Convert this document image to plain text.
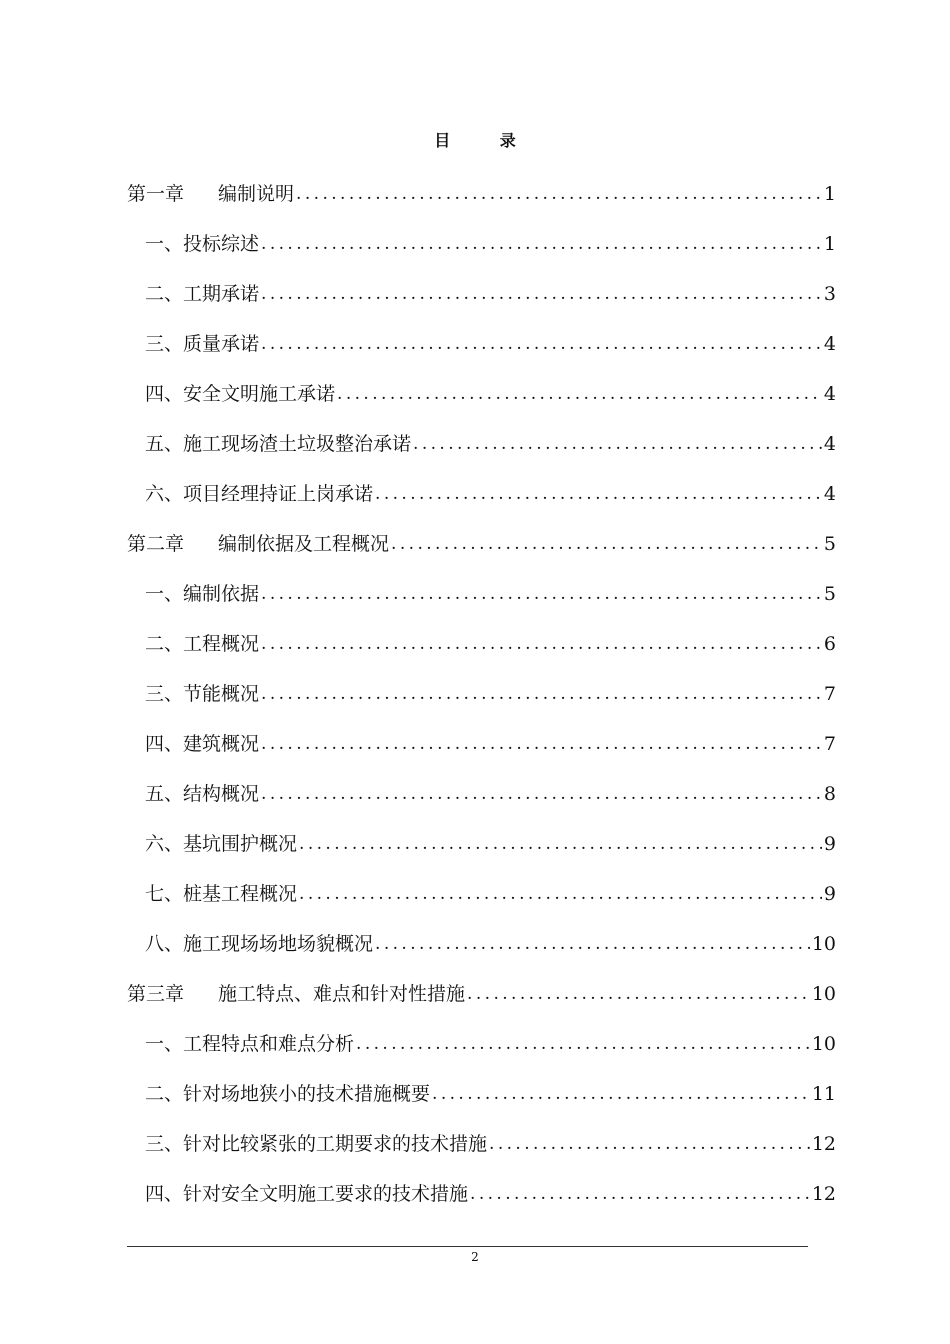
目 录
第一章 编制说明 .....	1
一、投标综述 .....	1
二、工期承诺 .....	3
三、质量承诺 .....	4
四、安全文明施工承诺 .....	4
五、施工现场渣土垃圾整治承诺 .....	4
六、项目经理持证上岗承诺 .....	4
第二章 编制依据及工程概况 .....	5
一、编制依据 .....	5
二、工程概况 .....	6
三、节能概况 .....	7
四、建筑概况 .....	7
五、结构概况 .....	8
六、基坑围护概况 .....	9
七、桩基工程概况 .....	9
八、施工现场场地场貌概况 .....	10
第三章 施工特点、难点和针对性措施 .....	10
一、工程特点和难点分析 .....	10
二、针对场地狭小的技术措施概要 .....	11
三、针对比较紧张的工期要求的技术措施 .....	12
四、针对安全文明施工要求的技术措施 .....	12
2
